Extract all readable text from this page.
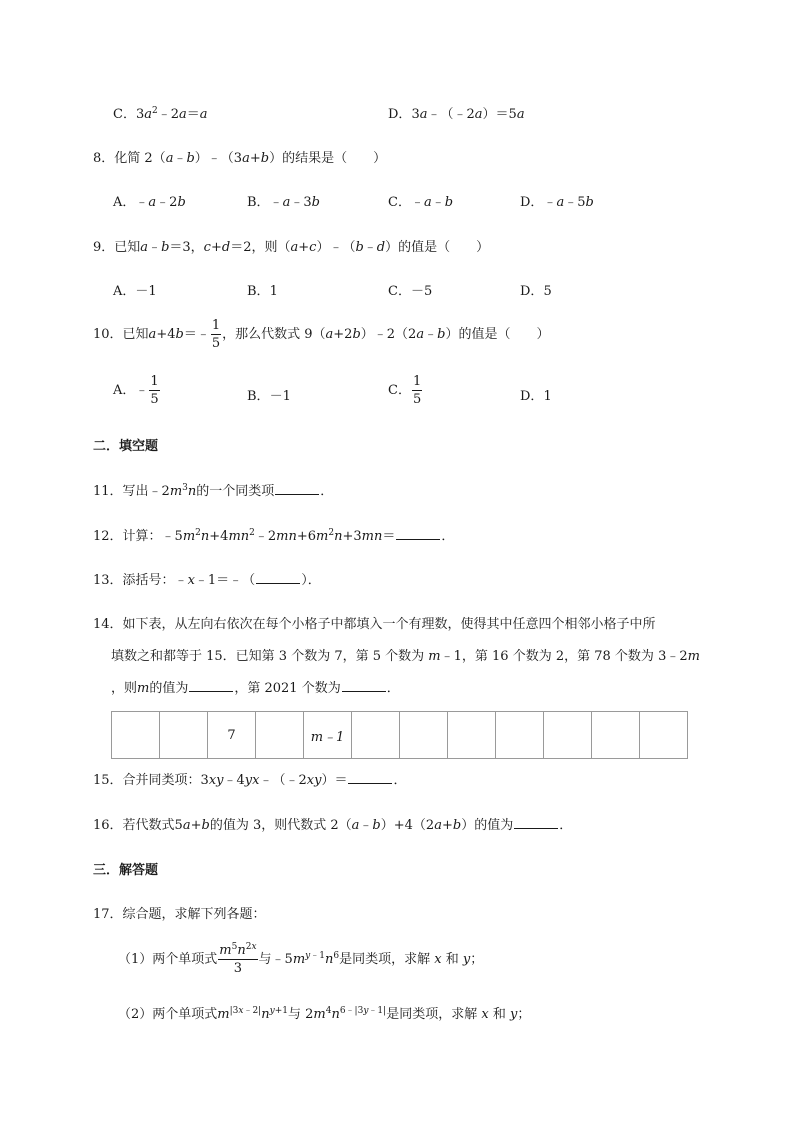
C．$3a^2﹣2a=a$	D．3a﹣（﹣2a）＝5a
8．化简 2（a﹣b）﹣（3a+b）的结果是（　　）
A．﹣a﹣2b	B．﹣a﹣3b	C．﹣a﹣b	D．﹣a﹣5b
9．已知a﹣b＝3，c+d＝2，则（a+c）﹣（b﹣d）的值是（　　）
A．－1	B．1	C．－5	D．5
10．已知a+4b＝﹣ $\frac{1}{5}$ ，那么代数式 9（a+2b）﹣2（2a﹣b）的值是（　　）
A．﹣ $\frac{1}{5}$	B．－1	C． $\frac{1}{5}$	D．1
二．填空题
11．写出$﹣2m^3n$的一个同类项	．
12．计算：$﹣5m^2n+4mn^2﹣2mn+6m^2n+3mn=$	．
13．添括号：﹣x﹣1＝﹣（	）．
14．如下表，从左向右依次在每个小格子中都填入一个有理数，使得其中任意四个相邻小格子中所
填数之和都等于 15．已知第 3 个数为 7，第 5 个数为 m﹣1，第 16 个数为 2，第 78 个数为 3﹣2m
，则m的值为	，第 2021 个数为	．
		7		m﹣1							
15．合并同类项：3xy﹣4yx﹣（﹣2xy）＝	．
16．若代数式5a+b的值为 3，则代数式 2（a﹣b）+4（2a+b）的值为	．
三．解答题
17．综合题，求解下列各题：
（1）两个单项式 $\frac{m^5n^{2x}}{3}$ 与$﹣5m^{y﹣1}n^6$是同类项，求解 x 和 y；
（2）两个单项式$m^{|3x﹣2|}n^{y+1}$与 $2m^4n^{6﹣|3y﹣1|}$是同类项，求解 x 和 y；
